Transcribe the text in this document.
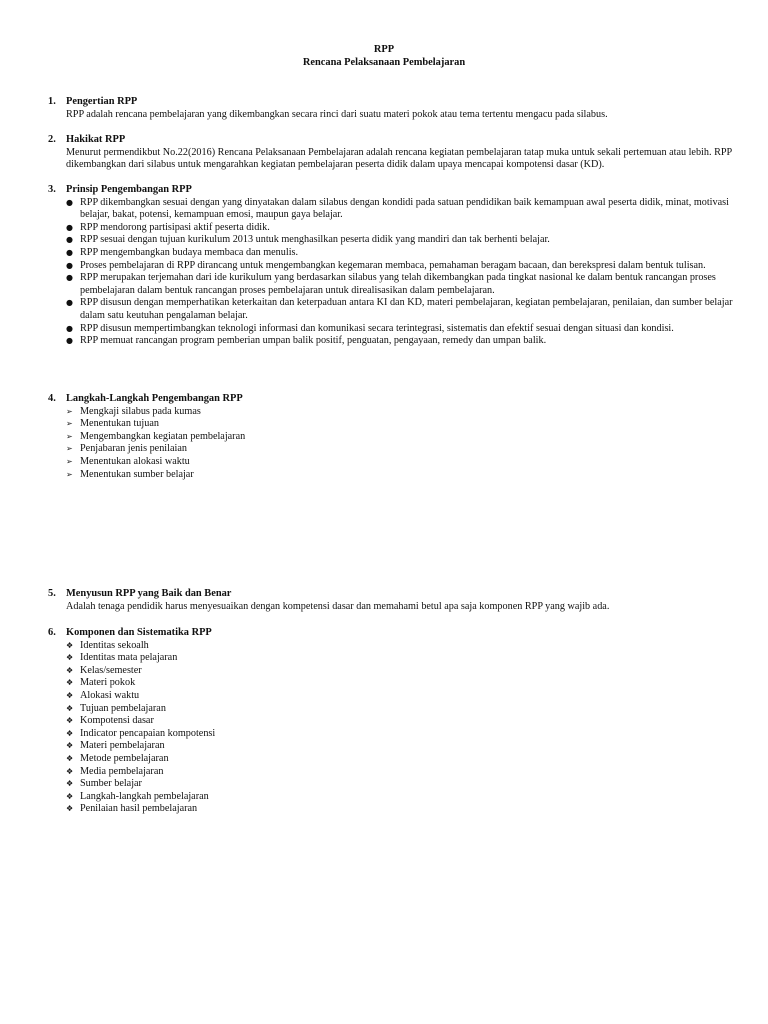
RPP
Rencana Pelaksanaan Pembelajaran
1. Pengertian RPP
RPP adalah rencana pembelajaran yang dikembangkan secara rinci dari suatu materi pokok atau tema tertentu mengacu pada silabus.
2. Hakikat RPP
Menurut permendikbut No.22(2016) Rencana Pelaksanaan Pembelajaran adalah rencana kegiatan pembelajaran tatap muka untuk sekali pertemuan atau lebih. RPP dikembangkan dari silabus untuk mengarahkan kegiatan pembelajaran peserta didik dalam upaya mencapai kompotensi dasar (KD).
3. Prinsip Pengembangan RPP
● RPP dikembangkan sesuai dengan yang dinyatakan dalam silabus dengan kondidi pada satuan pendidikan baik kemampuan awal peserta didik, minat, motivasi belajar, bakat, potensi, kemampuan emosi, maupun gaya belajar.
● RPP mendorong partisipasi aktif peserta didik.
● RPP sesuai dengan tujuan kurikulum 2013 untuk menghasilkan peserta didik yang mandiri dan tak berhenti belajar.
● RPP mengembangkan budaya membaca dan menulis.
● Proses pembelajaran di RPP dirancang untuk mengembangkan kegemaran membaca, pemahaman beragam bacaan, dan berekspresi dalam bentuk tulisan.
● RPP merupakan terjemahan dari ide kurikulum yang berdasarkan silabus yang telah dikembangkan pada tingkat nasional ke dalam bentuk rancangan proses pembelajaran dalam bentuk rancangan proses pembelajaran untuk direalisasikan dalam pembelajaran.
● RPP disusun dengan memperhatikan keterkaitan dan keterpaduan antara KI dan KD, materi pembelajaran, kegiatan pembelajaran, penilaian, dan sumber belajar dalam satu keutuhan pengalaman belajar.
● RPP disusun mempertimbangkan teknologi informasi dan komunikasi secara terintegrasi, sistematis dan efektif sesuai dengan situasi dan kondisi.
● RPP memuat rancangan program pemberian umpan balik positif, penguatan, pengayaan, remedy dan umpan balik.
4. Langkah-Langkah Pengembangan RPP
➢ Mengkaji silabus pada kumas
➢ Menentukan tujuan
➢ Mengembangkan kegiatan pembelajaran
➢ Penjabaran jenis penilaian
➢ Menentukan alokasi waktu
➢ Menentukan sumber belajar
5. Menyusun RPP yang Baik dan Benar
Adalah tenaga pendidik harus menyesuaikan dengan kompetensi dasar dan memahami betul apa saja komponen RPP yang wajib ada.
6. Komponen dan Sistematika RPP
❖ Identitas sekoalh
❖ Identitas mata pelajaran
❖ Kelas/semester
❖ Materi pokok
❖ Alokasi waktu
❖ Tujuan pembelajaran
❖ Kompotensi dasar
❖ Indicator pencapaian kompotensi
❖ Materi pembelajaran
❖ Metode pembelajaran
❖ Media pembelajaran
❖ Sumber belajar
❖ Langkah-langkah pembelajaran
❖ Penilaian hasil pembelajaran
